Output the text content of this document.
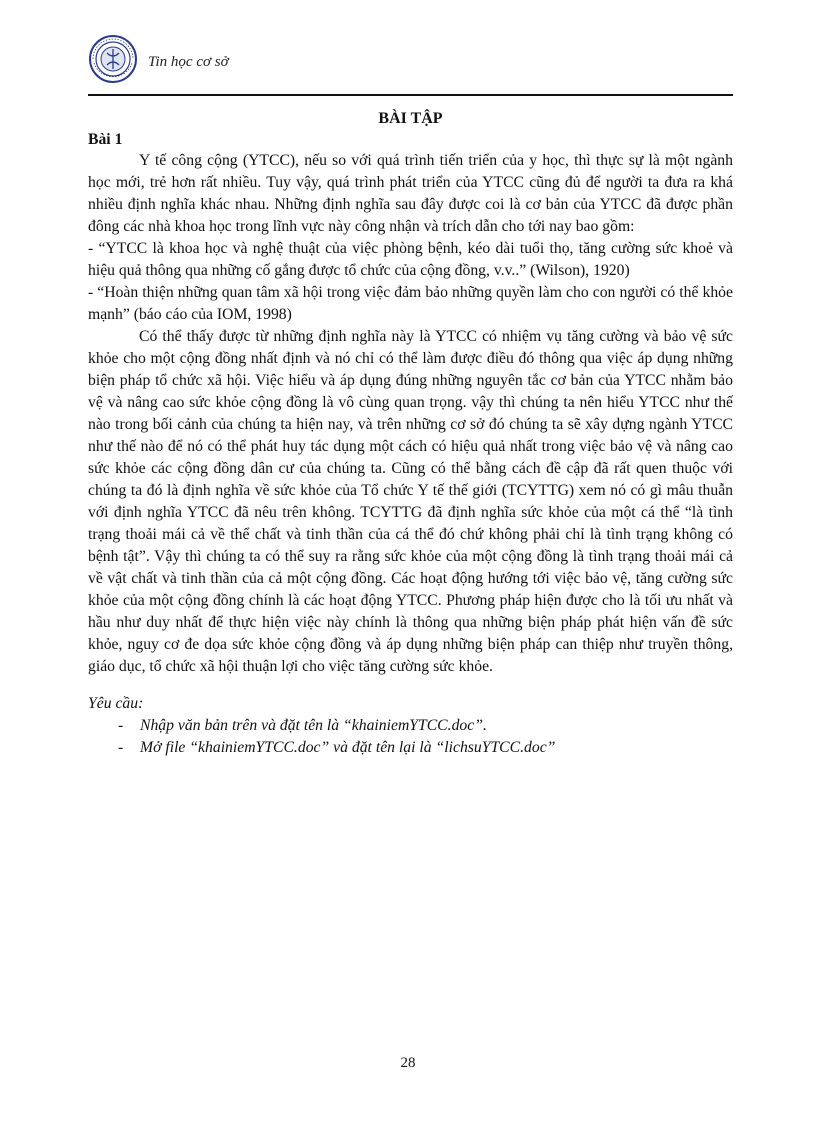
Tin học cơ sở
BÀI TẬP
Bài 1

Y tế công cộng (YTCC), nếu so với quá trình tiến triển của y học, thì thực sự là một ngành học mới, trẻ hơn rất nhiều. Tuy vậy, quá trình phát triển của YTCC cũng đủ để người ta đưa ra khá nhiều định nghĩa khác nhau. Những định nghĩa sau đây được coi là cơ bản của YTCC đã được phần đông các nhà khoa học trong lĩnh vực này công nhận và trích dẫn cho tới nay bao gồm:

- “YTCC là khoa học và nghệ thuật của việc phòng bệnh, kéo dài tuổi thọ, tăng cường sức khoẻ và hiệu quả thông qua những cố gắng được tổ chức của cộng đồng, v.v..” (Wilson), 1920)

- “Hoàn thiện những quan tâm xã hội trong việc đảm bảo những quyền làm cho con người có thể khỏe mạnh” (báo cáo của IOM, 1998)

Có thể thấy được từ những định nghĩa này là YTCC có nhiệm vụ tăng cường và bảo vệ sức khỏe cho một cộng đồng nhất định và nó chỉ có thể làm được điều đó thông qua việc áp dụng những biện pháp tổ chức xã hội. Việc hiểu và áp dụng đúng những nguyên tắc cơ bản của YTCC nhằm bảo vệ và nâng cao sức khỏe cộng đồng là vô cùng quan trọng. vậy thì chúng ta nên hiểu YTCC như thế nào trong bối cảnh của chúng ta hiện nay, và trên những cơ sở đó chúng ta sẽ xây dựng ngành YTCC như thế nào để nó có thể phát huy tác dụng một cách có hiệu quả nhất trong việc bảo vệ và nâng cao sức khỏe các cộng đồng dân cư của chúng ta. Cũng có thể bằng cách đề cập đã rất quen thuộc với chúng ta đó là định nghĩa về sức khỏe của Tổ chức Y tế thế giới (TCYTTG) xem nó có gì mâu thuẫn với định nghĩa YTCC đã nêu trên không. TCYTTG đã định nghĩa sức khỏe của một cá thể “là tình trạng thoải mái cả về thể chất và tinh thần của cá thể đó chứ không phải chỉ là tình trạng không có bệnh tật”. Vậy thì chúng ta có thể suy ra rằng sức khỏe của một cộng đồng là tình trạng thoải mái cả về vật chất và tinh thần của cả một cộng đồng. Các hoạt động hướng tới việc bảo vệ, tăng cường sức khỏe của một cộng đồng chính là các hoạt động YTCC. Phương pháp hiện được cho là tối ưu nhất và hầu như duy nhất để thực hiện việc này chính là thông qua những biện pháp phát hiện vấn đề sức khỏe, nguy cơ đe dọa sức khỏe cộng đồng và áp dụng những biện pháp can thiệp như truyền thông, giáo dục, tổ chức xã hội thuận lợi cho việc tăng cường sức khỏe.

Yêu cầu:
- Nhập văn bản trên và đặt tên là “khainiemYTCC.doc”.
- Mở file “khainiemYTCC.doc” và đặt tên lại là “lichsuYTCC.doc”
28
